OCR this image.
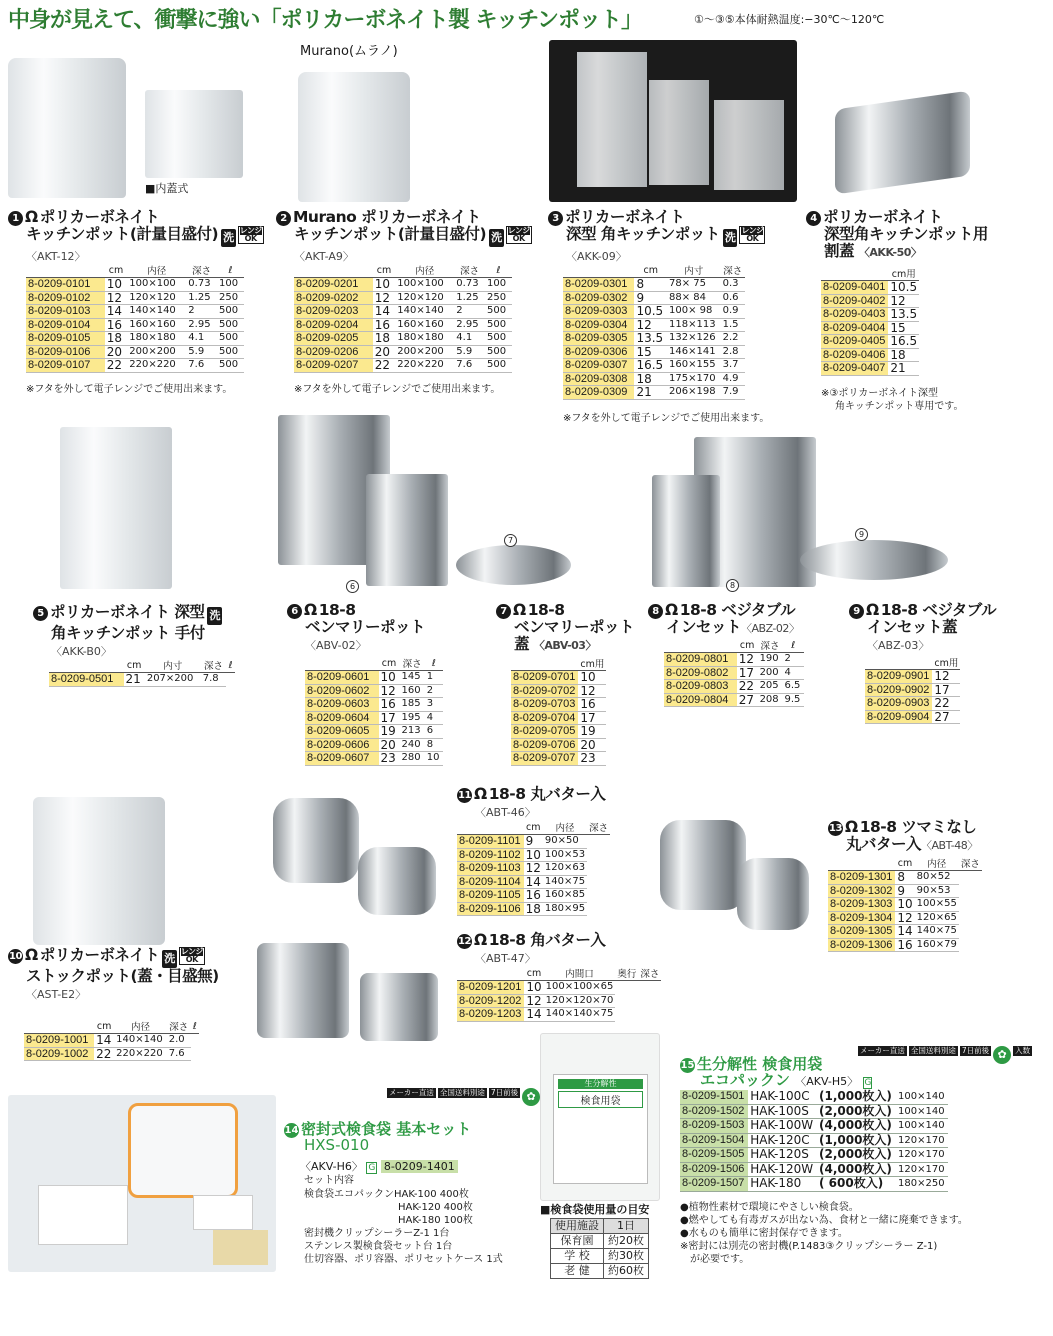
中身が見えて、衝撃に強い「ポリカーボネイト製 キッチンポット」	①〜③⑤本体耐熱温度:−30℃〜120℃
■内蓋式
Murano(ムラノ)
1 Ω ポリカーボネイト
キッチンポット(計量目盛付) 洗
レンジ
OK
〈AKT-12〉
	cm	内径	深さ	ℓ
8-0209-0101	10	100×100	0.73	100
8-0209-0102	12	120×120	1.25	250
8-0209-0103	14	140×140	2	500
8-0209-0104	16	160×160	2.95	500
8-0209-0105	18	180×180	4.1	500
8-0209-0106	20	200×200	5.9	500
8-0209-0107	22	220×220	7.6	500
※フタを外して電子レンジでご使用出来ます。
2 Murano ポリカーボネイト
キッチンポット(計量目盛付) 洗
レンジ
OK
〈AKT-A9〉
	cm	内径	深さ	ℓ
8-0209-0201	10	100×100	0.73	100
8-0209-0202	12	120×120	1.25	250
8-0209-0203	14	140×140	2	500
8-0209-0204	16	160×160	2.95	500
8-0209-0205	18	180×180	4.1	500
8-0209-0206	20	200×200	5.9	500
8-0209-0207	22	220×220	7.6	500
※フタを外して電子レンジでご使用出来ます。
3 ポリカーボネイト
深型 角キッチンポット 洗
レンジ
OK
〈AKK-09〉
	cm	内寸	深さ
8-0209-0301	8	78× 75	0.3
8-0209-0302	9	88× 84	0.6
8-0209-0303	10.5	100× 98	0.9
8-0209-0304	12	118×113	1.5
8-0209-0305	13.5	132×126	2.2
8-0209-0306	15	146×141	2.8
8-0209-0307	16.5	160×155	3.7
8-0209-0308	18	175×170	4.9
8-0209-0309	21	206×198	7.9
※フタを外して電子レンジでご使用出来ます。
4 ポリカーボネイト
深型角キッチンポット用
割蓋 〈AKK-50〉
	cm用
8-0209-0401	10.5
8-0209-0402	12
8-0209-0403	13.5
8-0209-0404	15
8-0209-0405	16.5
8-0209-0406	18
8-0209-0407	21
※③ポリカーボネイト深型
角キッチンポット専用です。
6
7
8
9
5 ポリカーボネイト 深型 洗
角キッチンポット 手付
〈AKK-B0〉
	cm	内寸	深さ	ℓ
8-0209-0501	21	207×200	7.8	
6 Ω 18-8
ベンマリーポット
〈ABV-02〉
	cm	深さ	ℓ
8-0209-0601	10	145	1
8-0209-0602	12	160	2
8-0209-0603	16	185	3
8-0209-0604	17	195	4
8-0209-0605	19	213	6
8-0209-0606	20	240	8
8-0209-0607	23	280	10
7 Ω 18-8
ベンマリーポット
蓋 〈ABV-03〉
	cm用
8-0209-0701	10
8-0209-0702	12
8-0209-0703	16
8-0209-0704	17
8-0209-0705	19
8-0209-0706	20
8-0209-0707	23
8 Ω 18-8 ベジタブル
インセット〈ABZ-02〉
	cm	深さ	ℓ
8-0209-0801	12	190	2
8-0209-0802	17	200	4
8-0209-0803	22	205	6.5
8-0209-0804	27	208	9.5
9 Ω 18-8 ベジタブル
インセット蓋
〈ABZ-03〉
	cm用
8-0209-0901	12
8-0209-0902	17
8-0209-0903	22
8-0209-0904	27
10 Ω ポリカーボネイト 洗
レンジ
OK
ストックポット(蓋・目盛無)
〈AST-E2〉
	cm	内径	深さ	ℓ
8-0209-1001	14	140×140	2.0	
8-0209-1002	22	220×220	7.6	
11 Ω 18-8 丸バター入
〈ABT-46〉
	cm	内径	深さ
8-0209-1101	9	90×50	
8-0209-1102	10	100×53	
8-0209-1103	12	120×63	
8-0209-1104	14	140×75	
8-0209-1105	16	160×85	
8-0209-1106	18	180×95	
12 Ω 18-8 角バター入
〈ABT-47〉
	cm	内間口	奥行	深さ
8-0209-1201	10	100×100×65		
8-0209-1202	12	120×120×70		
8-0209-1203	14	140×140×75		
13 Ω 18-8 ツマミなし
丸バター入〈ABT-48〉
	cm	内径	深さ
8-0209-1301	8	80×52	
8-0209-1302	9	90×53	
8-0209-1303	10	100×55	
8-0209-1304	12	120×65	
8-0209-1305	14	140×75	
8-0209-1306	16	160×79	
メーカー直送 全国送料別途 7日前後 ✿
14 密封式検食袋 基本セット
HXS-010
〈AKV-H6〉 G 8-0209-1401
セット内容
検食袋エコパックンHAK-100 400枚
HAK-120 400枚
HAK-180 100枚
密封機クリップシーラーZ-1 1台
ステンレス製検食袋セット台 1台
仕切容器、ポリ容器、ポリセットケース 1式
生分解性
検食用袋
■検食袋使用量の目安
使用施設	1日
保育園	約20枚
学 校	約30枚
老 健	約60枚
メーカー直送 全国送料別途 7日前後 ✿ 入数
15 生分解性 検食用袋
エコパックン 〈AKV-H5〉 G
8-0209-1501	HAK-100C	(1,000枚入)	100×140
8-0209-1502	HAK-100S	(2,000枚入)	100×140
8-0209-1503	HAK-100W	(4,000枚入)	100×140
8-0209-1504	HAK-120C	(1,000枚入)	120×170
8-0209-1505	HAK-120S	(2,000枚入)	120×170
8-0209-1506	HAK-120W	(4,000枚入)	120×170
8-0209-1507	HAK-180	( 600枚入)	180×250
●植物性素材で環境にやさしい検食袋。
●燃やしても有毒ガスが出ない為、食材と一緒に廃棄できます。
●水ものも簡単に密封保存できます。
※密封には別売の密封機(P.1483③クリップシーラー Z-1)
が必要です。
